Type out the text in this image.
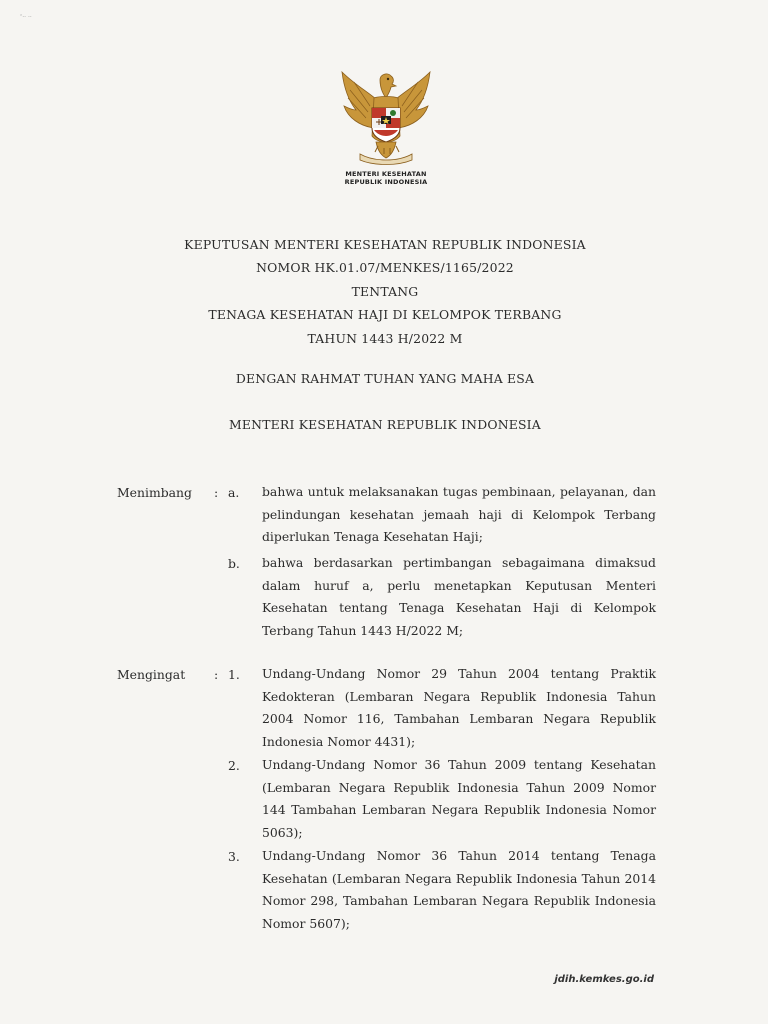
″·· ··
MENTERI KESEHATAN
REPUBLIK INDONESIA
KEPUTUSAN MENTERI KESEHATAN REPUBLIK INDONESIA
NOMOR HK.01.07/MENKES/1165/2022
TENTANG
TENAGA KESEHATAN HAJI DI KELOMPOK TERBANG
TAHUN 1443 H/2022 M
DENGAN RAHMAT TUHAN YANG MAHA ESA
MENTERI KESEHATAN REPUBLIK INDONESIA
Menimbang : a.	bahwa untuk melaksanakan tugas pembinaan, pelayanan, dan pelindungan kesehatan jemaah haji di Kelompok Terbang diperlukan Tenaga Kesehatan Haji;
b.	bahwa berdasarkan pertimbangan sebagaimana dimaksud dalam huruf a, perlu menetapkan Keputusan Menteri Kesehatan tentang Tenaga Kesehatan Haji di Kelompok Terbang Tahun 1443 H/2022 M;
Mengingat : 1.	Undang-Undang Nomor 29 Tahun 2004 tentang Praktik Kedokteran (Lembaran Negara Republik Indonesia Tahun 2004 Nomor 116, Tambahan Lembaran Negara Republik Indonesia Nomor 4431);
2.	Undang-Undang Nomor 36 Tahun 2009 tentang Kesehatan (Lembaran Negara Republik Indonesia Tahun 2009 Nomor 144 Tambahan Lembaran Negara Republik Indonesia Nomor 5063);
3.	Undang-Undang Nomor 36 Tahun 2014 tentang Tenaga Kesehatan (Lembaran Negara Republik Indonesia Tahun 2014 Nomor 298, Tambahan Lembaran Negara Republik Indonesia Nomor 5607);
jdih.kemkes.go.id
